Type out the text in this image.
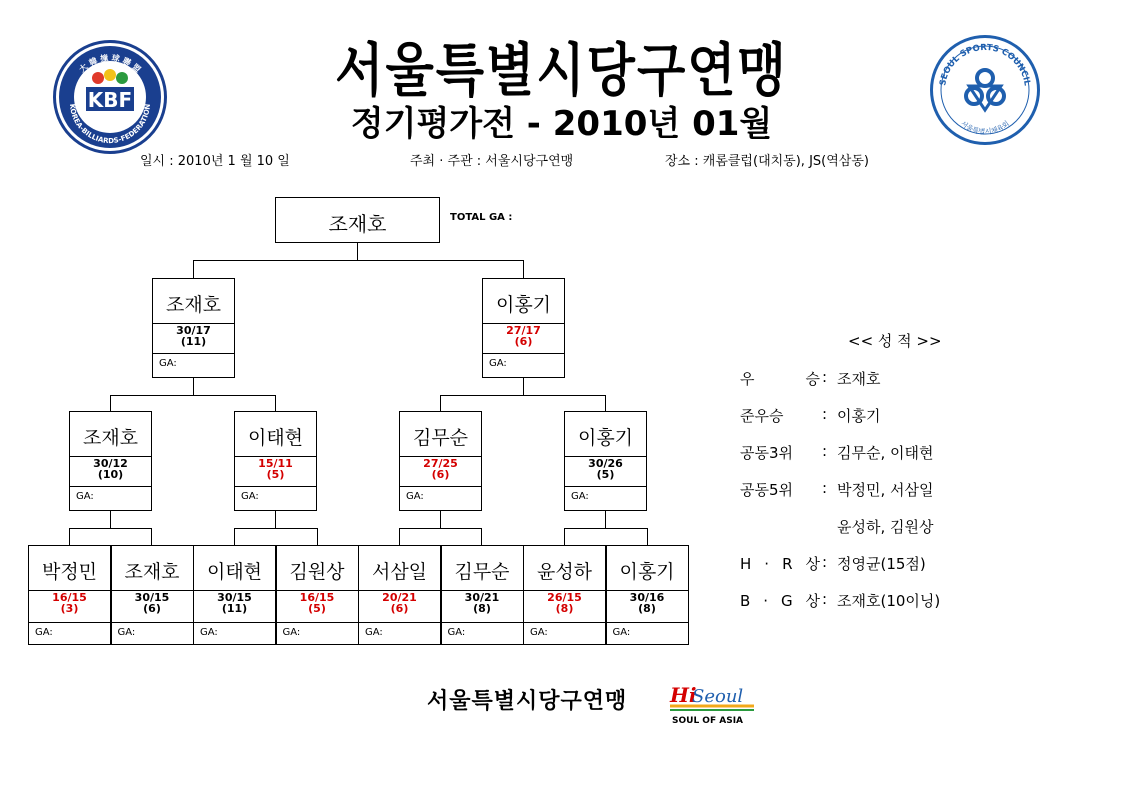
서울특별시당구연맹
정기평가전 - 2010년 01월
일시 : 2010년 1 월 10 일	주최 · 주관 : 서울시당구연맹	장소 : 캐롬클럽(대치동), JS(역삼동)
大 韓 撞 球 聯 盟
KOREA-BILLIARDS-FEDERATION
KBF
SEOUL SPORTS COUNCIL
서울특별시체육회
조재호	TOTAL GA :
조재호
30/17
(11)
GA:
이홍기
27/17
(6)
GA:
조재호
30/12
(10)
GA:
이태현
15/11
(5)
GA:
김무순
27/25
(6)
GA:
이홍기
30/26
(5)
GA:
박정민
16/15
(3)
GA:
조재호
30/15
(6)
GA:
이태현
30/15
(11)
GA:
김원상
16/15
(5)
GA:
서삼일
20/21
(6)
GA:
김무순
30/21
(8)
GA:
윤성하
26/15
(8)
GA:
이홍기
30/16
(8)
GA:
<< 성 적 >>
우 승 : 조재호
준우승	: 이홍기
공동3위	: 김무순, 이태현
공동5위	: 박정민, 서삼일
윤성하, 김원상
H · R 상 : 정영균(15점)
B · G 상 : 조재호(10이닝)
서울특별시당구연맹 Hi
Seoul
SOUL OF ASIA
